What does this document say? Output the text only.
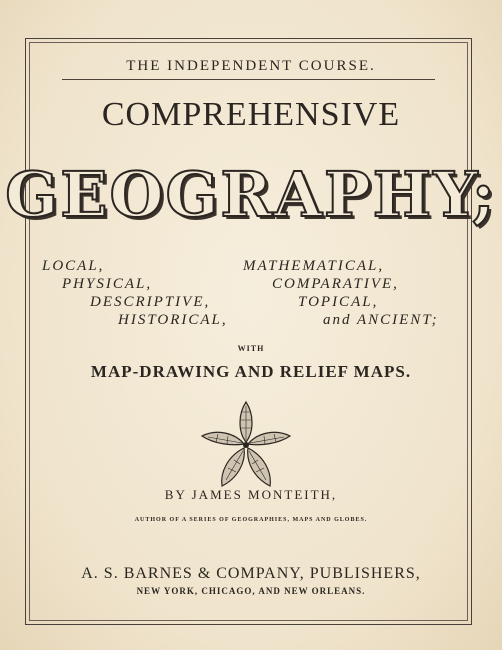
THE INDEPENDENT COURSE.
COMPREHENSIVE
GEOGRAPHY;
LOCAL,
PHYSICAL,
DESCRIPTIVE,
HISTORICAL,
MATHEMATICAL,
COMPARATIVE,
TOPICAL,
and ANCIENT;
WITH
MAP-DRAWING AND RELIEF MAPS.
BY JAMES MONTEITH,
AUTHOR OF A SERIES OF GEOGRAPHIES, MAPS AND GLOBES.
A. S. BARNES & COMPANY, PUBLISHERS,
NEW YORK, CHICAGO, AND NEW ORLEANS.
